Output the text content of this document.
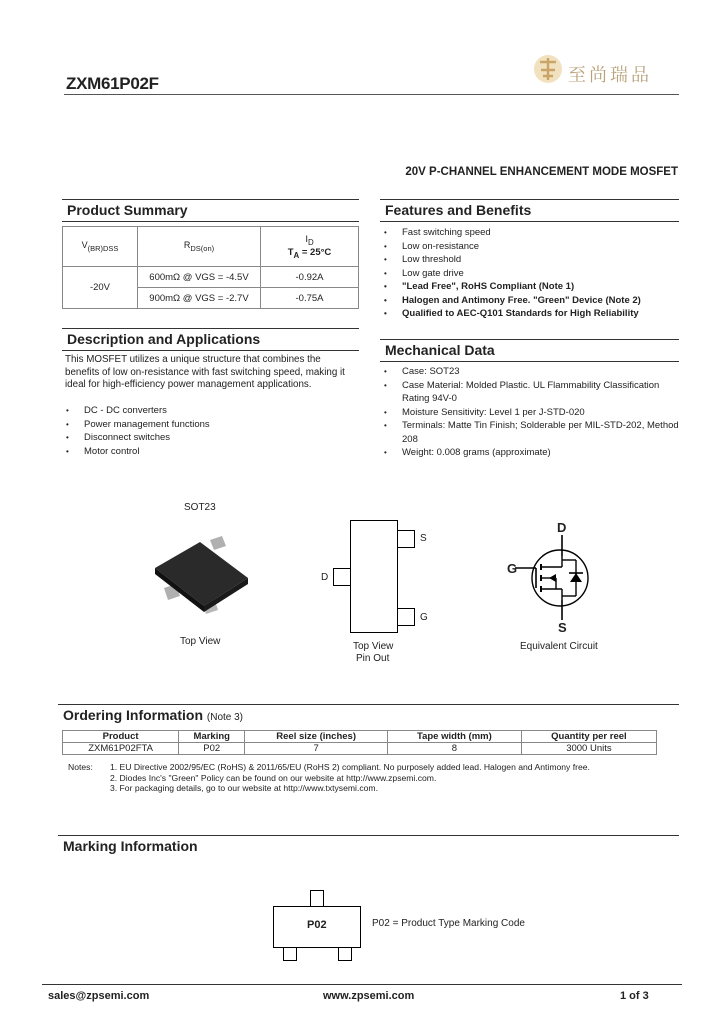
ZXM61P02F	至尚瑞品
20V P-CHANNEL ENHANCEMENT MODE MOSFET
Product Summary
$V_{(BR)DSS}$	$R_{DS(on)}$	$I_D$
$T_A = 25^\circ C$

-20V	600mΩ @ VGS = -4.5V	-0.92A
	900mΩ @ VGS = -2.7V	-0.75A
Features and Benefits
• Fast switching speed
• Low on-resistance
• Low threshold
• Low gate drive
• "Lead Free", RoHS Compliant (Note 1)
• Halogen and Antimony Free. "Green" Device (Note 2)
• Qualified to AEC-Q101 Standards for High Reliability
Description and Applications
This MOSFET utilizes a unique structure that combines the benefits of low on-resistance with fast switching speed, making it ideal for high-efficiency power management applications.
• DC - DC converters
• Power management functions
• Disconnect switches
• Motor control
Mechanical Data
• Case: SOT23
• Case Material: Molded Plastic. UL Flammability Classification Rating 94V-0
• Moisture Sensitivity: Level 1 per J-STD-020
• Terminals: Matte Tin Finish; Solderable per MIL-STD-202, Method 208
• Weight: 0.008 grams (approximate)
SOT23
Top View
S
G
D
Top View
Pin Out
D
G
S
Equivalent Circuit
Ordering Information (Note 3)
Product	Marking	Reel size (inches)	Tape width (mm)	Quantity per reel
ZXM61P02FTA	P02	7	8	3000 Units
Notes: 1. EU Directive 2002/95/EC (RoHS) & 2011/65/EU (RoHS 2) compliant. No purposely added lead. Halogen and Antimony free.
2. Diodes Inc's "Green" Policy can be found on our website at http://www.zpsemi.com.
3. For packaging details, go to our website at http://www.txtysemi.com.
Marking Information
P02	P02 = Product Type Marking Code
sales@zpsemi.com	www.zpsemi.com	1 of 3
